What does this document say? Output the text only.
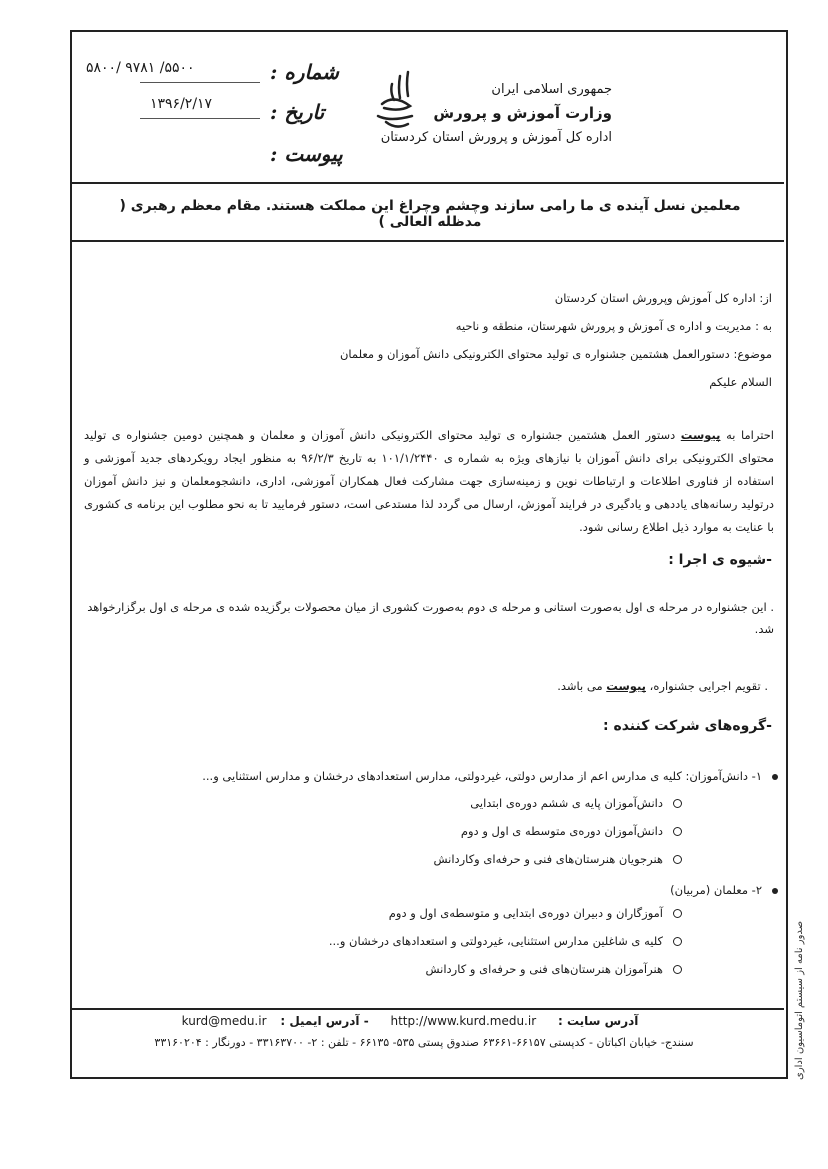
جمهوری اسلامی ایران
وزارت آموزش و پرورش
اداره کل آموزش و پرورش استان کردستان
شماره :
۵۸۰۰/ ۹۷۸۱ /۵۵۰۰
تاریخ :
۱۳۹۶/۲/۱۷
پیوست :
معلمین نسل آینده ی ما رامی سازند وچشم وچراغ این مملکت هستند. مقام معظم رهبری ( مدظله العالی )
از: اداره کل آموزش وپرورش استان کردستان
به : مدیریت و اداره ی آموزش و پرورش شهرستان، منطقه و ناحیه
موضوع: دستورالعمل هشتمین جشنواره ی تولید محتوای الکترونیکی دانش آموزان و معلمان
السلام علیکم
احتراما به پیوست دستور العمل هشتمین جشنواره ی تولید محتوای الکترونیکی دانش آموزان و معلمان و همچنین دومین جشنواره ی تولید محتوای الکترونیکی برای دانش آموزان با نیازهای ویژه به شماره ی ۱۰۱/۱/۲۴۴۰ به تاریخ ۹۶/۲/۳ به منظور ایجاد رویکردهای جدید آموزشی و استفاده از فناوری اطلاعات و ارتباطات نوین و زمینه‌سازی جهت مشارکت فعال همکاران آموزشی، اداری، دانشجومعلمان و نیز دانش آموزان درتولید رسانه‌های یاددهی و یادگیری در فرایند آموزش، ارسال می گردد لذا مستدعی است، دستور فرمایید تا به نحو مطلوب این برنامه ی کشوری با عنایت به موارد ذیل اطلاع رسانی شود.
-شیوه ی اجرا :
. این جشنواره در مرحله ی اول به‌صورت استانی و مرحله ی دوم به‌صورت کشوری از میان محصولات برگزیده شده ی مرحله ی اول برگزارخواهد شد.
. تقویم اجرایی جشنواره، پیوست می باشد.
-گروه‌های شرکت کننده :
۱- دانش‌آموزان: کلیه ی مدارس اعم از مدارس دولتی، غیردولتی، مدارس استعدادهای درخشان و مدارس استثنایی و...
دانش‌آموزان پایه ی ششم دوره‌ی ابتدایی
دانش‌آموزان دوره‌ی متوسطه ی اول و دوم
هنرجویان هنرستان‌های فنی و حرفه‌ای وکاردانش
۲- معلمان (مربیان)
آموزگاران و دبیران دوره‌ی ابتدایی و متوسطه‌ی اول و دوم
کلیه ی شاغلین مدارس استثنایی، غیردولتی و استعدادهای درخشان و...
هنرآموزان هنرستان‌های فنی و حرفه‌ای و کاردانش
آدرس سایت : http://www.kurd.medu.ir - آدرس ایمیل : kurd@medu.ir
سنندج- خیابان اکباتان - کدپستی ۶۶۱۵۷-۶۳۶۶۱ صندوق پستی ۵۳۵- ۶۶۱۳۵ - تلفن : ۲- ۳۳۱۶۳۷۰۰ - دورنگار : ۳۳۱۶۰۲۰۴	صدور نامه از سیستم اتوماسیون اداری
